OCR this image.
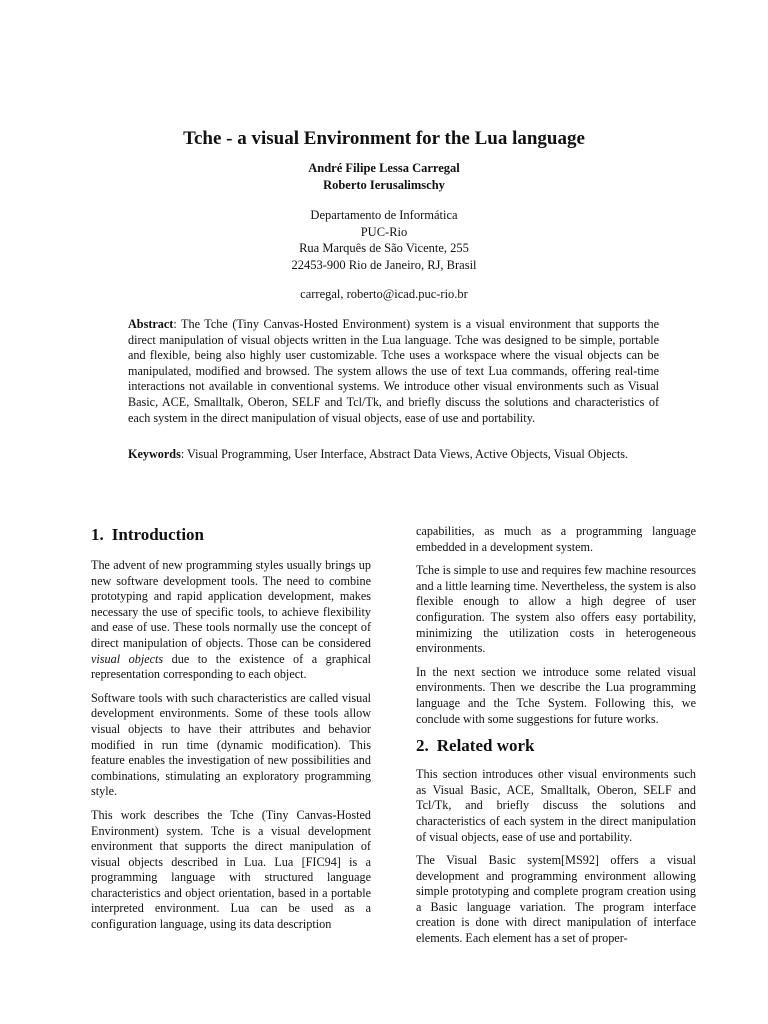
Tche - a visual Environment for the Lua language
André Filipe Lessa Carregal
Roberto Ierusalimschy
Departamento de Informática
PUC-Rio
Rua Marquês de São Vicente, 255
22453-900 Rio de Janeiro, RJ, Brasil
carregal, roberto@icad.puc-rio.br

Abstract: The Tche (Tiny Canvas-Hosted Environment) system is a visual environment that supports the direct manipulation of visual objects written in the Lua language. Tche was designed to be simple, portable and flexible, being also highly user customizable. Tche uses a workspace where the visual objects can be manipulated, modified and browsed. The system allows the use of text Lua commands, offering real-time interactions not available in conventional systems. We introduce other visual environments such as Visual Basic, ACE, Smalltalk, Oberon, SELF and Tcl/Tk, and briefly discuss the solutions and characteristics of each system in the direct manipulation of visual objects, ease of use and portability.

Keywords: Visual Programming, User Interface, Abstract Data Views, Active Objects, Visual Objects.

1. Introduction

The advent of new programming styles usually brings up new software development tools. The need to combine prototyping and rapid application development, makes necessary the use of specific tools, to achieve flexibility and ease of use. These tools normally use the concept of direct manipulation of objects. Those can be considered visual objects due to the existence of a graphical representation corresponding to each object.

Software tools with such characteristics are called visual development environments. Some of these tools allow visual objects to have their attributes and behavior modified in run time (dynamic modification). This feature enables the investigation of new possibilities and combinations, stimulating an exploratory programming style.

This work describes the Tche (Tiny Canvas-Hosted Environment) system. Tche is a visual development environment that supports the direct manipulation of visual objects described in Lua. Lua [FIC94] is a programming language with structured language characteristics and object orientation, based in a portable interpreted environment. Lua can be used as a configuration language, using its data description

capabilities, as much as a programming language embedded in a development system.

Tche is simple to use and requires few machine resources and a little learning time. Nevertheless, the system is also flexible enough to allow a high degree of user configuration. The system also offers easy portability, minimizing the utilization costs in heterogeneous environments.

In the next section we introduce some related visual environments. Then we describe the Lua programming language and the Tche System. Following this, we conclude with some suggestions for future works.

2. Related work

This section introduces other visual environments such as Visual Basic, ACE, Smalltalk, Oberon, SELF and Tcl/Tk, and briefly discuss the solutions and characteristics of each system in the direct manipulation of visual objects, ease of use and portability.

The Visual Basic system[MS92] offers a visual development and programming environment allowing simple prototyping and complete program creation using a Basic language variation. The program interface creation is done with direct manipulation of interface elements. Each element has a set of proper-
